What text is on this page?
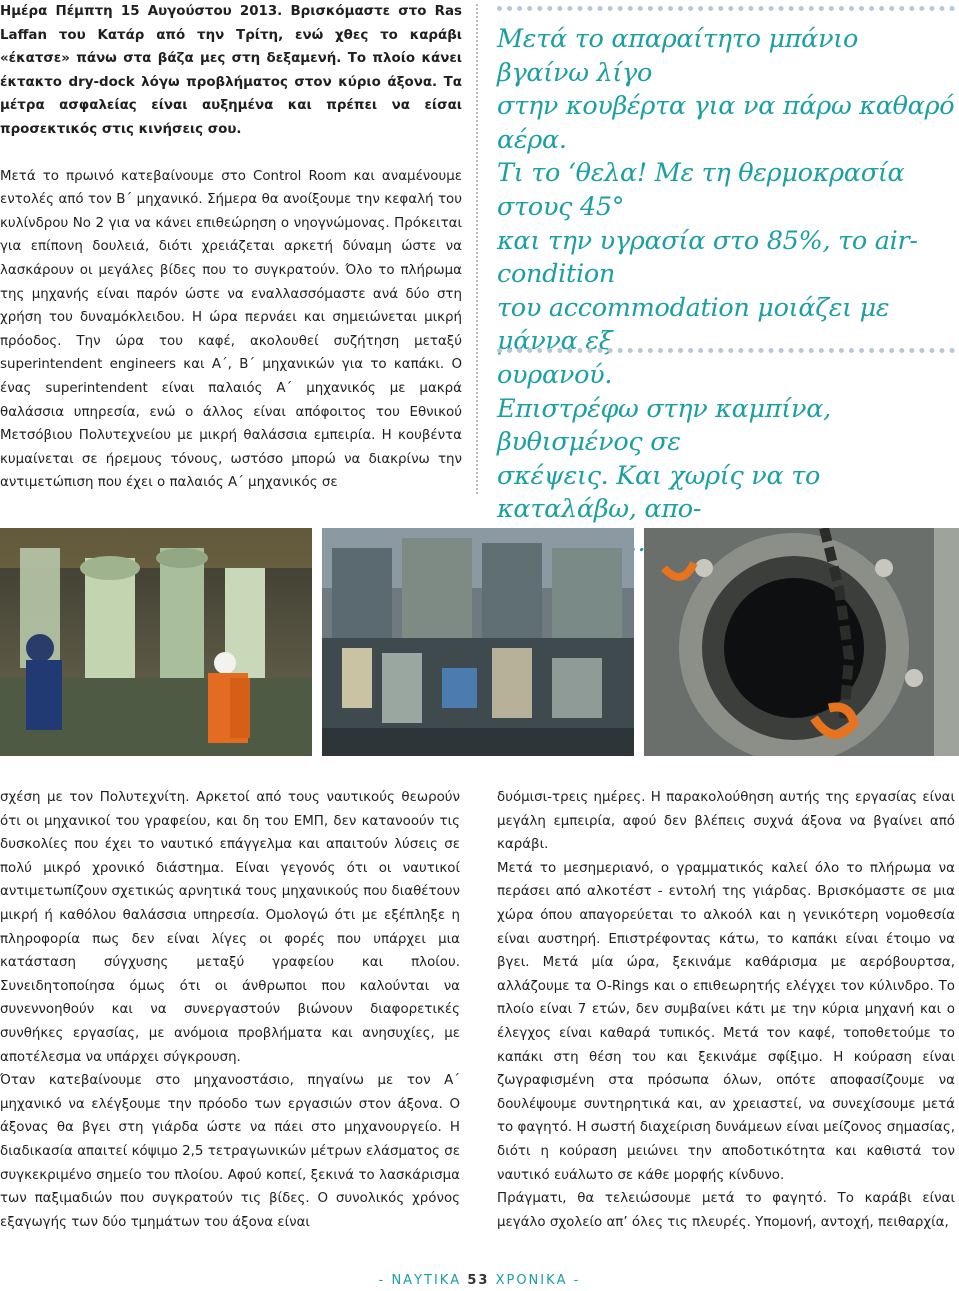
Ημέρα Πέμπτη 15 Αυγούστου 2013. Βρισκόμαστε στο Ras Laffan του Κατάρ από την Τρίτη, ενώ χθες το καράβι «έκατσε» πάνω στα βάζα μες στη δεξαμενή. Το πλοίο κάνει έκτακτο dry-dock λόγω προβλήματος στον κύριο άξονα. Τα μέτρα ασφαλείας είναι αυξημένα και πρέπει να είσαι προσεκτικός στις κινήσεις σου.

Μετά το πρωινό κατεβαίνουμε στο Control Room και αναμένουμε εντολές από τον Β΄ μηχανικό. Σήμερα θα ανοίξουμε την κεφαλή του κυλίνδρου Νο 2 για να κάνει επιθεώρηση ο νηογνώμονας. Πρόκειται για επίπονη δουλειά, διότι χρειάζεται αρκετή δύναμη ώστε να λασκάρουν οι μεγάλες βίδες που το συγκρατούν. Όλο το πλήρωμα της μηχανής είναι παρόν ώστε να εναλλασσόμαστε ανά δύο στη χρήση του δυναμόκλειδου. Η ώρα περνάει και σημειώνεται μικρή πρόοδος. Την ώρα του καφέ, ακολουθεί συζήτηση μεταξύ superintendent engineers και Α΄, Β΄ μηχανικών για το καπάκι. Ο ένας superintendent είναι παλαιός Α΄ μηχανικός με μακρά θαλάσσια υπηρεσία, ενώ ο άλλος είναι απόφοιτος του Εθνικού Μετσόβιου Πολυτεχνείου με μικρή θαλάσσια εμπειρία. Η κουβέντα κυμαίνεται σε ήρεμους τόνους, ωστόσο μπορώ να διακρίνω την αντιμετώπιση που έχει ο παλαιός Α΄ μηχανικός σε

Μετά το απαραίτητο μπάνιο βγαίνω λίγο
στην κουβέρτα για να πάρω καθαρό αέρα.
Τι το ‘θελα! Με τη θερμοκρασία στους 45°
και την υγρασία στο 85%, το air-condition
του accommodation μοιάζει με μάννα εξ
ουρανού.
Επιστρέφω στην καμπίνα, βυθισμένος σε
σκέψεις. Και χωρίς να το καταλάβω, απο-

σχέση με τον Πολυτεχνίτη. Αρκετοί από τους ναυτικούς θεωρούν ότι οι μηχανικοί του γραφείου, και δη του ΕΜΠ, δεν κατανοούν τις δυσκολίες που έχει το ναυτικό επάγγελμα και απαιτούν λύσεις σε πολύ μικρό χρονικό διάστημα. Είναι γεγονός ότι οι ναυτικοί αντιμετωπίζουν σχετικώς αρνητικά τους μηχανικούς που διαθέτουν μικρή ή καθόλου θαλάσσια υπηρεσία. Ομολογώ ότι με εξέπληξε η πληροφορία πως δεν είναι λίγες οι φορές που υπάρχει μια κατάσταση σύγχυσης μεταξύ γραφείου και πλοίου. Συνειδητοποίησα όμως ότι οι άνθρωποι που καλούνται να συνεννοηθούν και να συνεργαστούν βιώνουν διαφορετικές συνθήκες εργασίας, με ανόμοια προβλήματα και ανησυχίες, με αποτέλεσμα να υπάρχει σύγκρουση.

Όταν κατεβαίνουμε στο μηχανοστάσιο, πηγαίνω με τον Α΄ μηχανικό να ελέγξουμε την πρόοδο των εργασιών στον άξονα. Ο άξονας θα βγει στη γιάρδα ώστε να πάει στο μηχανουργείο. Η διαδικασία απαιτεί κόψιμο 2,5 τετραγωνικών μέτρων ελάσματος σε συγκεκριμένο σημείο του πλοίου. Αφού κοπεί, ξεκινά το λασκάρισμα των παξιμαδιών που συγκρατούν τις βίδες. Ο συνολικός χρόνος εξαγωγής των δύο τμημάτων του άξονα είναι

δυόμισι-τρεις ημέρες. Η παρακολούθηση αυτής της εργασίας είναι μεγάλη εμπειρία, αφού δεν βλέπεις συχνά άξονα να βγαίνει από καράβι.

Μετά το μεσημεριανό, ο γραμματικός καλεί όλο το πλήρωμα να περάσει από αλκοτέστ - εντολή της γιάρδας. Βρισκόμαστε σε μια χώρα όπου απαγορεύεται το αλκοόλ και η γενικότερη νομοθεσία είναι αυστηρή. Επιστρέφοντας κάτω, το καπάκι είναι έτοιμο να βγει. Μετά μία ώρα, ξεκινάμε καθάρισμα με αερόβουρτσα, αλλάζουμε τα O-Rings και ο επιθεωρητής ελέγχει τον κύλινδρο. Το πλοίο είναι 7 ετών, δεν συμβαίνει κάτι με την κύρια μηχανή και ο έλεγχος είναι καθαρά τυπικός. Μετά τον καφέ, τοποθετούμε το καπάκι στη θέση του και ξεκινάμε σφίξιμο. Η κούραση είναι ζωγραφισμένη στα πρόσωπα όλων, οπότε αποφασίζουμε να δουλέψουμε συντηρητικά και, αν χρειαστεί, να συνεχίσουμε μετά το φαγητό. Η σωστή διαχείριση δυνάμεων είναι μείζονος σημασίας, διότι η κούραση μειώνει την αποδοτικότητα και καθιστά τον ναυτικό ευάλωτο σε κάθε μορφής κίνδυνο.

Πράγματι, θα τελειώσουμε μετά το φαγητό. Το καράβι είναι μεγάλο σχολείο απ’ όλες τις πλευρές. Υπομονή, αντοχή, πειθαρχία,

- ΝΑΥΤΙΚΑ 53 ΧΡΟΝΙΚΑ -
